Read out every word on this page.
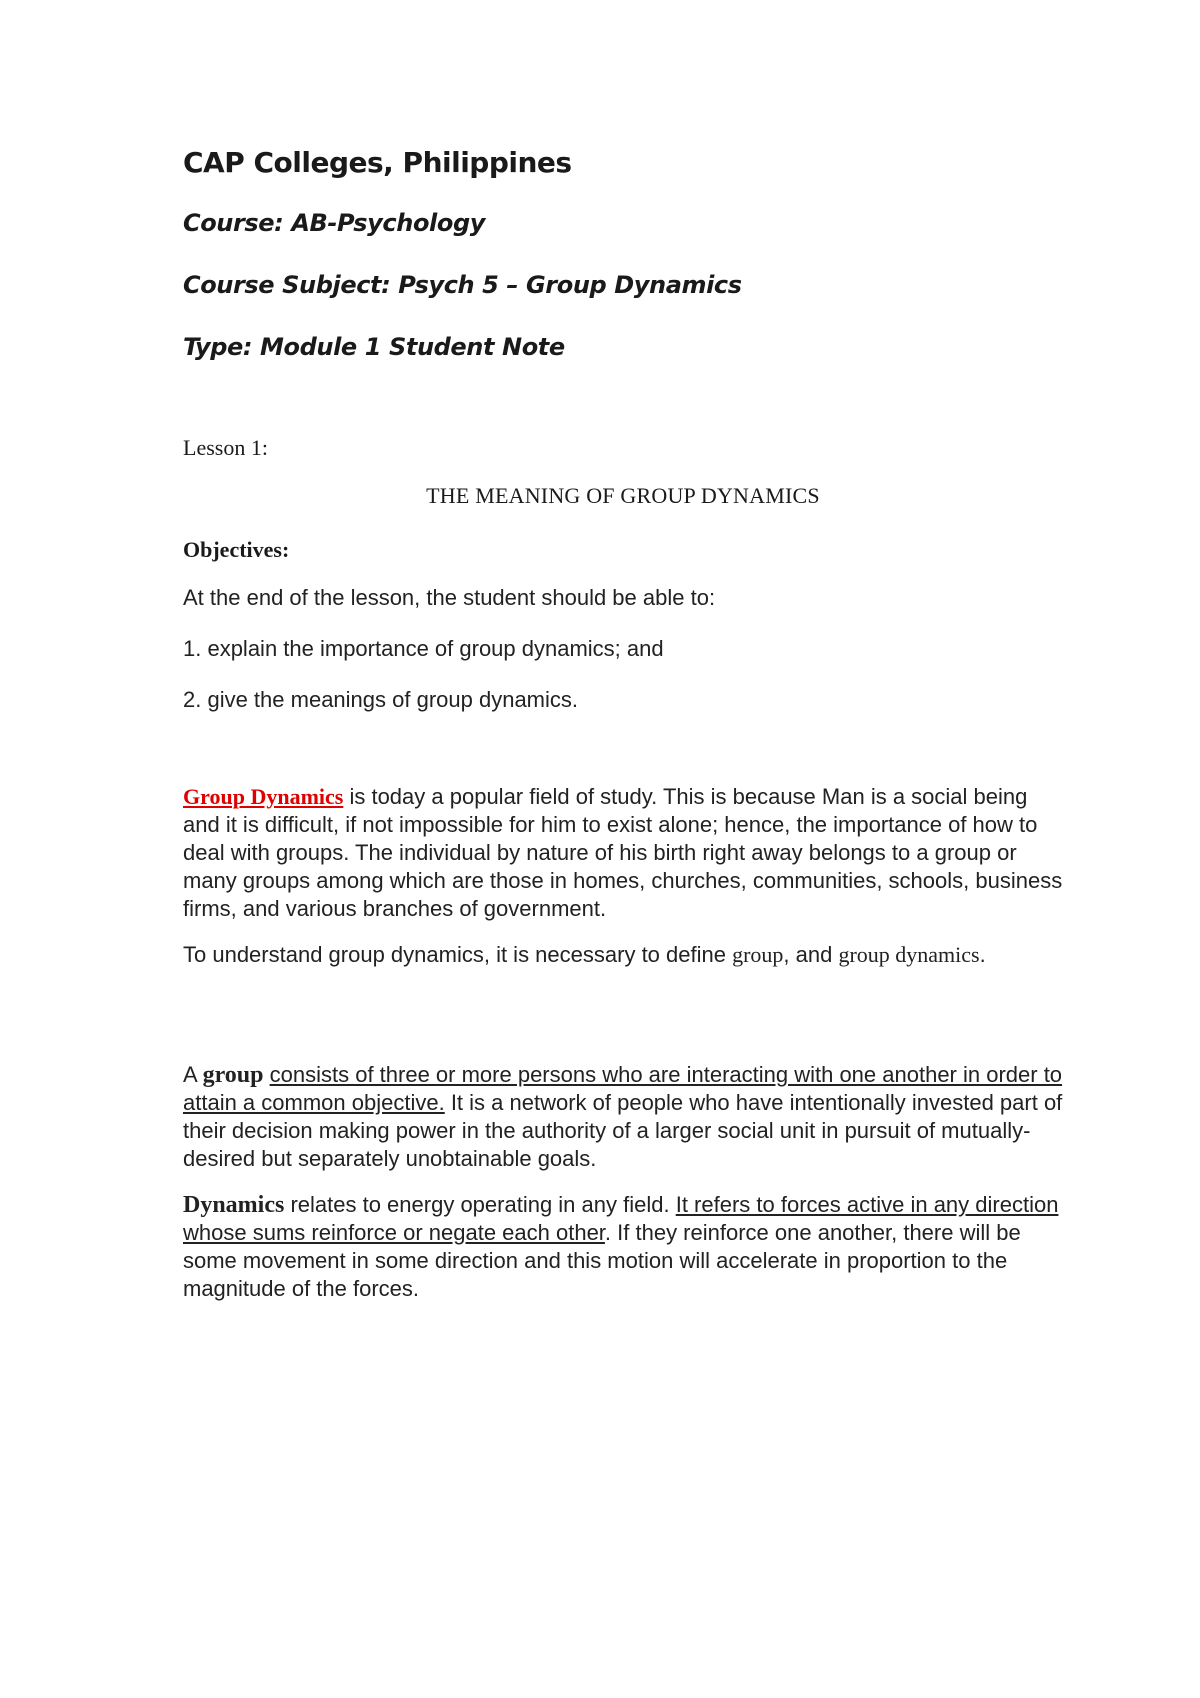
CAP Colleges, Philippines
Course: AB-Psychology
Course Subject: Psych 5 – Group Dynamics
Type: Module 1 Student Note
Lesson 1:
THE MEANING OF GROUP DYNAMICS
Objectives:
At the end of the lesson, the student should be able to:
1. explain the importance of group dynamics; and
2. give the meanings of group dynamics.

Group Dynamics is today a popular field of study. This is because Man is a social being and it is difficult, if not impossible for him to exist alone; hence, the importance of how to deal with groups. The individual by nature of his birth right away belongs to a group or many groups among which are those in homes, churches, communities, schools, business firms, and various branches of government.

To understand group dynamics, it is necessary to define group, and group dynamics.

A group consists of three or more persons who are interacting with one another in order to attain a common objective. It is a network of people who have intentionally invested part of their decision making power in the authority of a larger social unit in pursuit of mutually-desired but separately unobtainable goals.

Dynamics relates to energy operating in any field. It refers to forces active in any direction whose sums reinforce or negate each other. If they reinforce one another, there will be some movement in some direction and this motion will accelerate in proportion to the magnitude of the forces.
